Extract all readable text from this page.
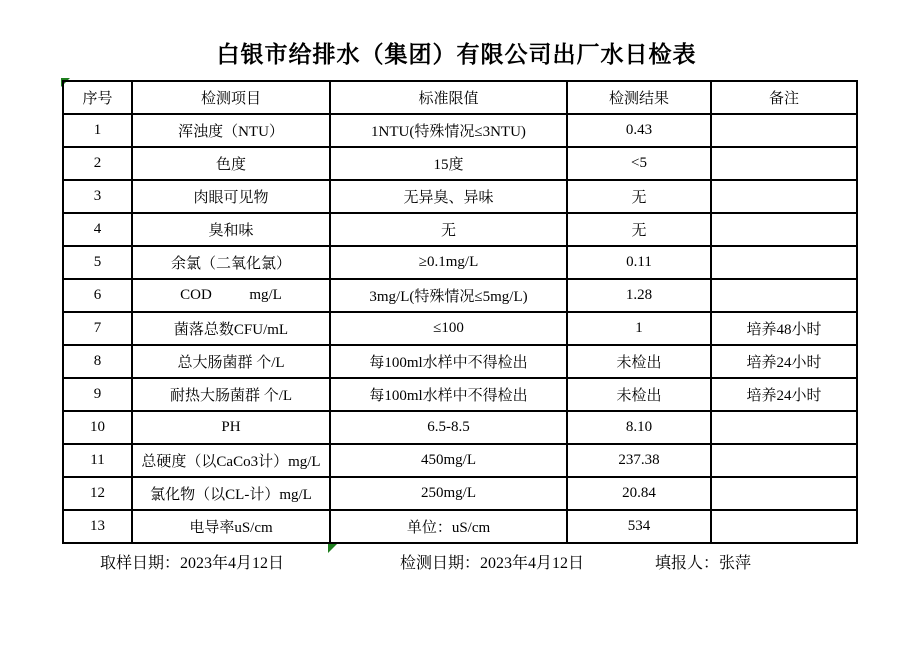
白银市给排水（集团）有限公司出厂水日检表
序号	检测项目	标准限值	检测结果	备注
1	浑浊度（NTU）	1NTU(特殊情况≤3NTU)	0.43	
2	色度	15度	<5	
3	肉眼可见物	无异臭、异味	无	
4	臭和味	无	无	
5	余氯（二氧化氯）	≥0.1mg/L	0.11	
6	COD          mg/L	3mg/L(特殊情况≤5mg/L)	1.28	
7	菌落总数CFU/mL	≤100	1	培养48小时
8	总大肠菌群 个/L	每100ml水样中不得检出	未检出	培养24小时
9	耐热大肠菌群 个/L	每100ml水样中不得检出	未检出	培养24小时
10	PH	6.5-8.5	8.10	
11	总硬度（以CaCo3计）mg/L	450mg/L	237.38	
12	氯化物（以CL-计）mg/L	250mg/L	20.84	
13	电导率uS/cm	单位：uS/cm	534	
取样日期：2023年4月12日	检测日期：2023年4月12日	填报人：张萍
